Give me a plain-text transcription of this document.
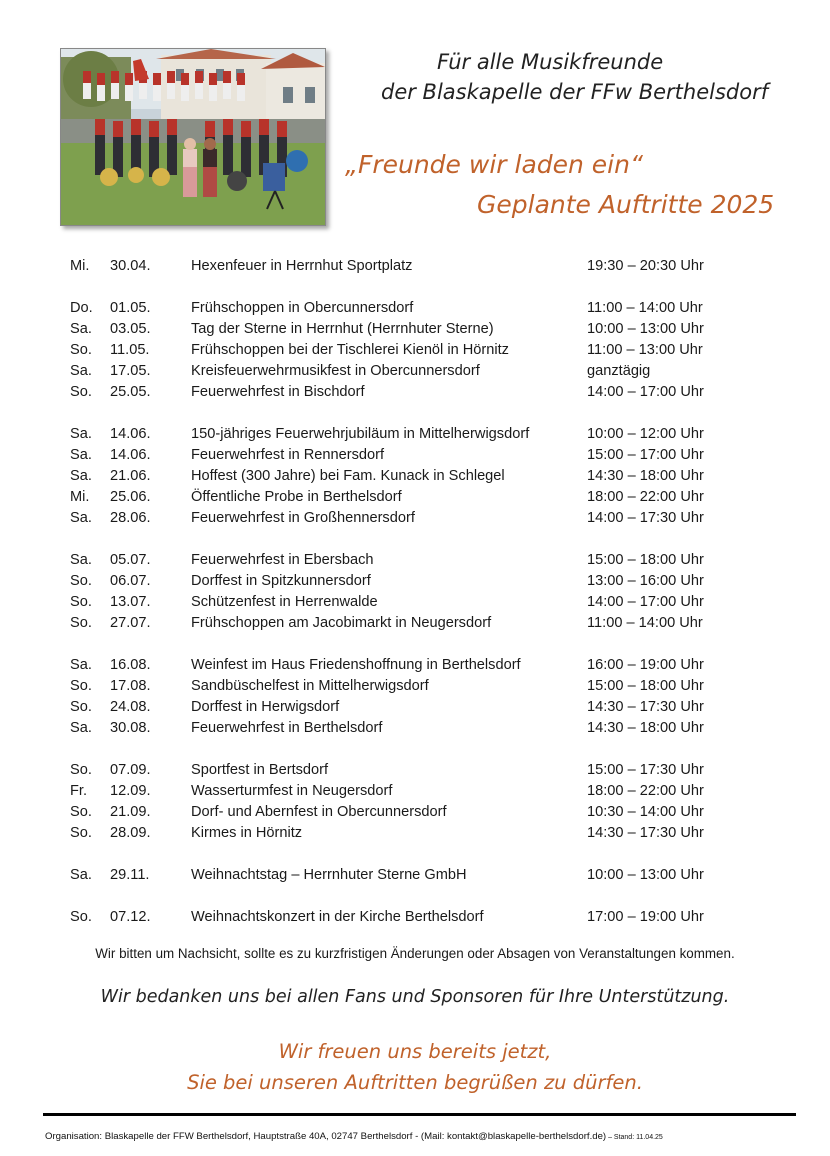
Für alle Musikfreunde
der Blaskapelle der FFw Berthelsdorf
„Freunde wir laden ein“
Geplante Auftritte 2025
Mi. 30.04.	Hexenfeuer in Herrnhut Sportplatz	19:30 – 20:30 Uhr
Do. 01.05.	Frühschoppen in Obercunnersdorf	11:00 – 14:00 Uhr
Sa. 03.05.	Tag der Sterne in Herrnhut (Herrnhuter Sterne)	10:00 – 13:00 Uhr
So. 11.05.	Frühschoppen bei der Tischlerei Kienöl in Hörnitz	11:00 – 13:00 Uhr
Sa. 17.05.	Kreisfeuerwehrmusikfest in Obercunnersdorf	ganztägig
So. 25.05.	Feuerwehrfest in Bischdorf	14:00 – 17:00 Uhr
Sa. 14.06.	150-jähriges Feuerwehrjubiläum in Mittelherwigsdorf	10:00 – 12:00 Uhr
Sa. 14.06.	Feuerwehrfest in Rennersdorf	15:00 – 17:00 Uhr
Sa. 21.06.	Hoffest (300 Jahre) bei Fam. Kunack in Schlegel	14:30 – 18:00 Uhr
Mi. 25.06.	Öffentliche Probe in Berthelsdorf	18:00 – 22:00 Uhr
Sa. 28.06.	Feuerwehrfest in Großhennersdorf	14:00 – 17:30 Uhr
Sa. 05.07.	Feuerwehrfest in Ebersbach	15:00 – 18:00 Uhr
So. 06.07.	Dorffest in Spitzkunnersdorf	13:00 – 16:00 Uhr
So. 13.07.	Schützenfest in Herrenwalde	14:00 – 17:00 Uhr
So. 27.07.	Frühschoppen am Jacobimarkt in Neugersdorf	11:00 – 14:00 Uhr
Sa. 16.08.	Weinfest im Haus Friedenshoffnung in Berthelsdorf	16:00 – 19:00 Uhr
So. 17.08.	Sandbüschelfest in Mittelherwigsdorf	15:00 – 18:00 Uhr
So. 24.08.	Dorffest in Herwigsdorf	14:30 – 17:30 Uhr
Sa. 30.08.	Feuerwehrfest in Berthelsdorf	14:30 – 18:00 Uhr
So. 07.09.	Sportfest in Bertsdorf	15:00 – 17:30 Uhr
Fr. 12.09.	Wasserturmfest in Neugersdorf	18:00 – 22:00 Uhr
So. 21.09.	Dorf- und Abernfest in Obercunnersdorf	10:30 – 14:00 Uhr
So. 28.09.	Kirmes in Hörnitz	14:30 – 17:30 Uhr
Sa. 29.11.	Weihnachtstag – Herrnhuter Sterne GmbH	10:00 – 13:00 Uhr
So. 07.12.	Weihnachtskonzert in der Kirche Berthelsdorf	17:00 – 19:00 Uhr
Wir bitten um Nachsicht, sollte es zu kurzfristigen Änderungen oder Absagen von Veranstaltungen kommen.
Wir bedanken uns bei allen Fans und Sponsoren für Ihre Unterstützung.
Wir freuen uns bereits jetzt,
Sie bei unseren Auftritten begrüßen zu dürfen.
Organisation: Blaskapelle der FFW Berthelsdorf, Hauptstraße 40A, 02747 Berthelsdorf - (Mail: kontakt@blaskapelle-berthelsdorf.de) – Stand: 11.04.25
